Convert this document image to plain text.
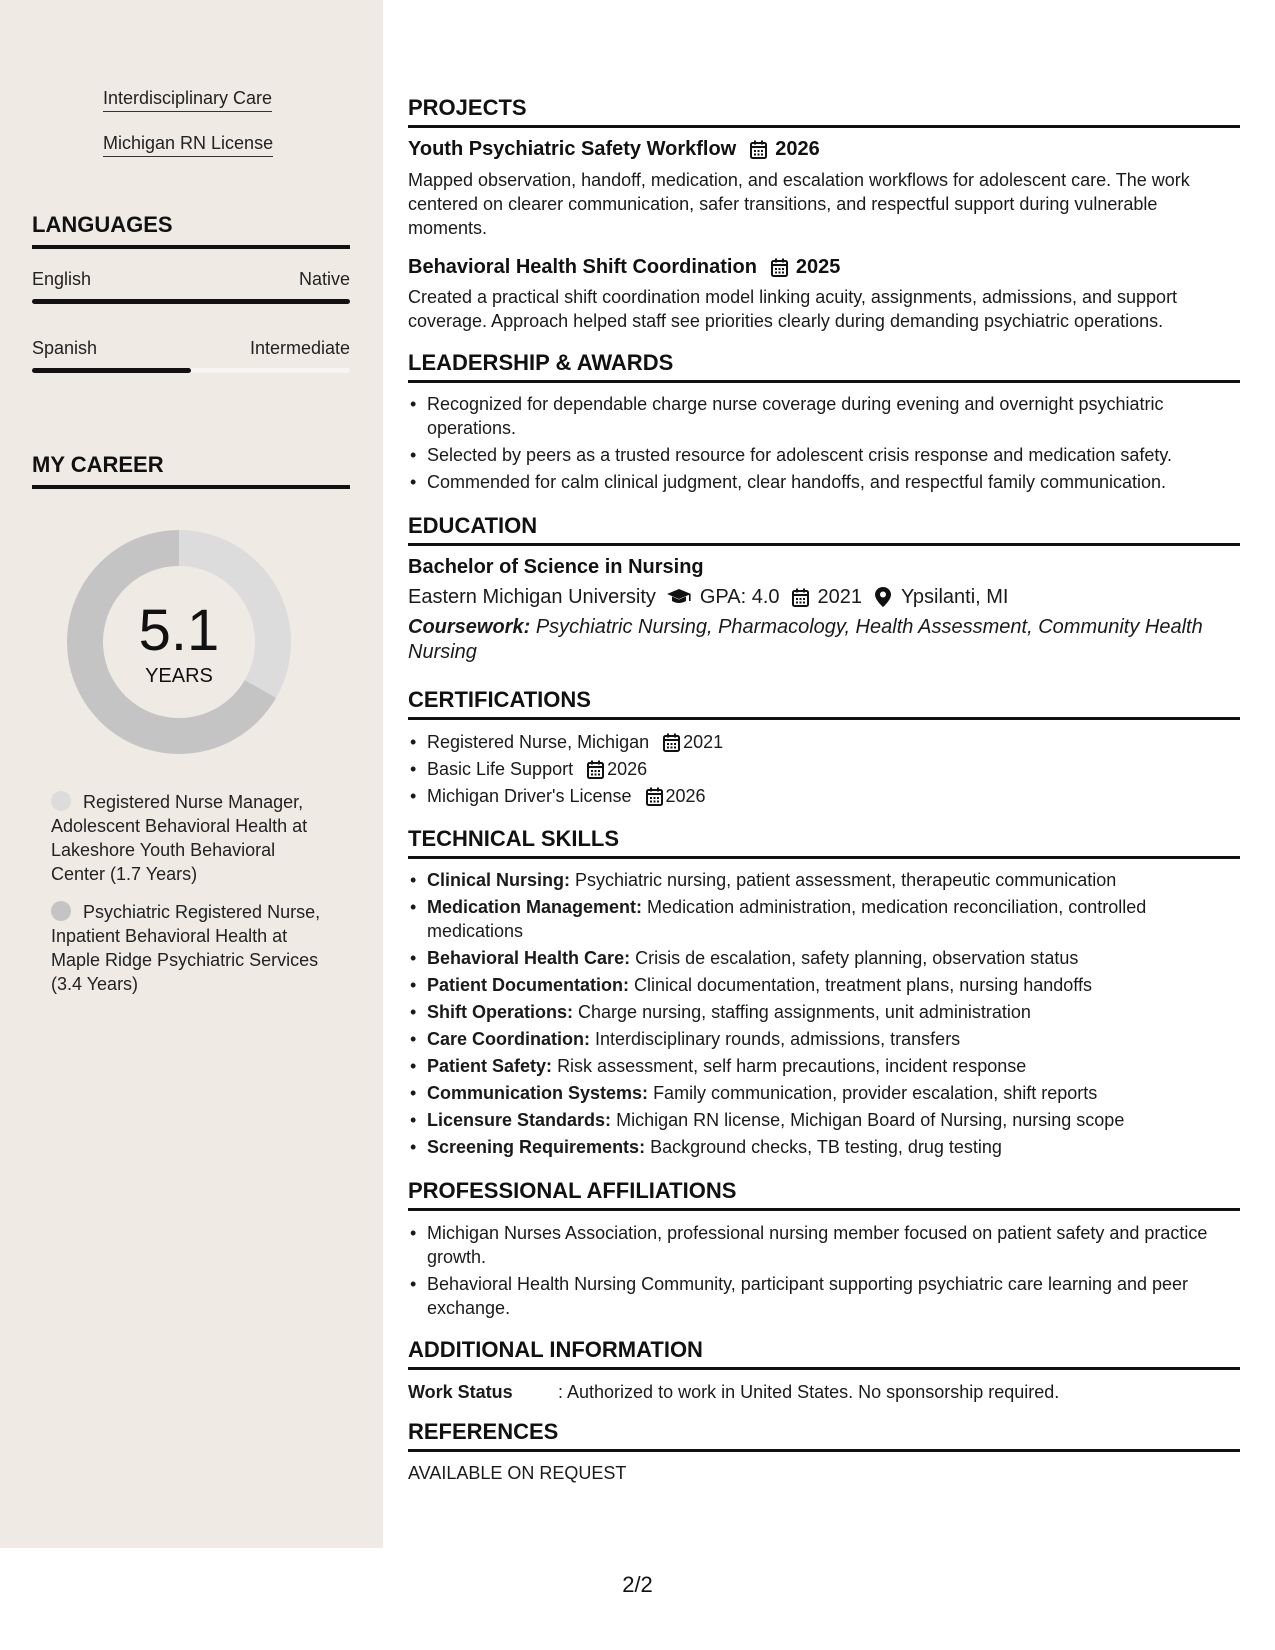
Interdisciplinary Care
Michigan RN License
LANGUAGES
English	Native
Spanish	Intermediate
MY CAREER
5.1
YEARS
Registered Nurse Manager, Adolescent Behavioral Health at Lakeshore Youth Behavioral Center (1.7 Years)
Psychiatric Registered Nurse, Inpatient Behavioral Health at Maple Ridge Psychiatric Services (3.4 Years)
PROJECTS
Youth Psychiatric Safety Workflow 2026
Mapped observation, handoff, medication, and escalation workflows for adolescent care. The work centered on clearer communication, safer transitions, and respectful support during vulnerable moments.
Behavioral Health Shift Coordination 2025
Created a practical shift coordination model linking acuity, assignments, admissions, and support coverage. Approach helped staff see priorities clearly during demanding psychiatric operations.
LEADERSHIP & AWARDS
• Recognized for dependable charge nurse coverage during evening and overnight psychiatric operations.
• Selected by peers as a trusted resource for adolescent crisis response and medication safety.
• Commended for calm clinical judgment, clear handoffs, and respectful family communication.
EDUCATION
Bachelor of Science in Nursing
Eastern Michigan University GPA: 4.0 2021 Ypsilanti, MI
Coursework: Psychiatric Nursing, Pharmacology, Health Assessment, Community Health Nursing
CERTIFICATIONS
• Registered Nurse, Michigan 2021
• Basic Life Support 2026
• Michigan Driver's License 2026
TECHNICAL SKILLS
• Clinical Nursing: Psychiatric nursing, patient assessment, therapeutic communication
• Medication Management: Medication administration, medication reconciliation, controlled medications
• Behavioral Health Care: Crisis de escalation, safety planning, observation status
• Patient Documentation: Clinical documentation, treatment plans, nursing handoffs
• Shift Operations: Charge nursing, staffing assignments, unit administration
• Care Coordination: Interdisciplinary rounds, admissions, transfers
• Patient Safety: Risk assessment, self harm precautions, incident response
• Communication Systems: Family communication, provider escalation, shift reports
• Licensure Standards: Michigan RN license, Michigan Board of Nursing, nursing scope
• Screening Requirements: Background checks, TB testing, drug testing
PROFESSIONAL AFFILIATIONS
• Michigan Nurses Association, professional nursing member focused on patient safety and practice growth.
• Behavioral Health Nursing Community, participant supporting psychiatric care learning and peer exchange.
ADDITIONAL INFORMATION
Work Status	: Authorized to work in United States. No sponsorship required.
REFERENCES
AVAILABLE ON REQUEST
2/2
